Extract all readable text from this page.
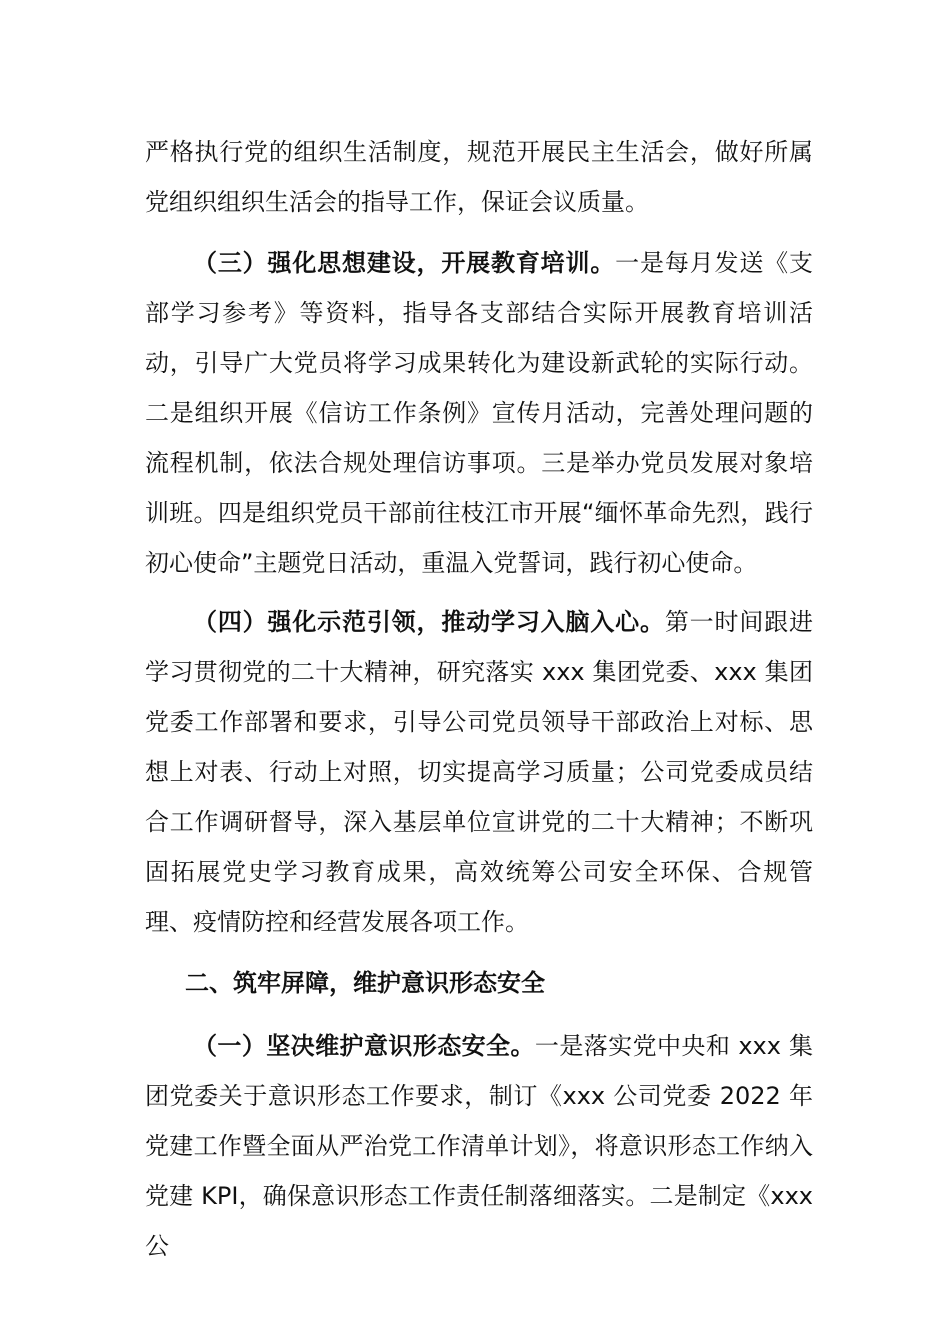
严格执行党的组织生活制度，规范开展民主生活会，做好所属党组织组织生活会的指导工作，保证会议质量。

（三）强化思想建设，开展教育培训。一是每月发送《支部学习参考》等资料，指导各支部结合实际开展教育培训活动，引导广大党员将学习成果转化为建设新武轮的实际行动。二是组织开展《信访工作条例》宣传月活动，完善处理问题的流程机制，依法合规处理信访事项。三是举办党员发展对象培训班。四是组织党员干部前往枝江市开展“缅怀革命先烈，践行初心使命”主题党日活动，重温入党誓词，践行初心使命。

（四）强化示范引领，推动学习入脑入心。第一时间跟进学习贯彻党的二十大精神，研究落实 xxx 集团党委、xxx 集团党委工作部署和要求，引导公司党员领导干部政治上对标、思想上对表、行动上对照，切实提高学习质量；公司党委成员结合工作调研督导，深入基层单位宣讲党的二十大精神；不断巩固拓展党史学习教育成果，高效统筹公司安全环保、合规管理、疫情防控和经营发展各项工作。

二、筑牢屏障，维护意识形态安全

（一）坚决维护意识形态安全。一是落实党中央和 xxx 集团党委关于意识形态工作要求，制订《xxx 公司党委 2022 年党建工作暨全面从严治党工作清单计划》，将意识形态工作纳入党建 KPI，确保意识形态工作责任制落细落实。二是制定《xxx 公
